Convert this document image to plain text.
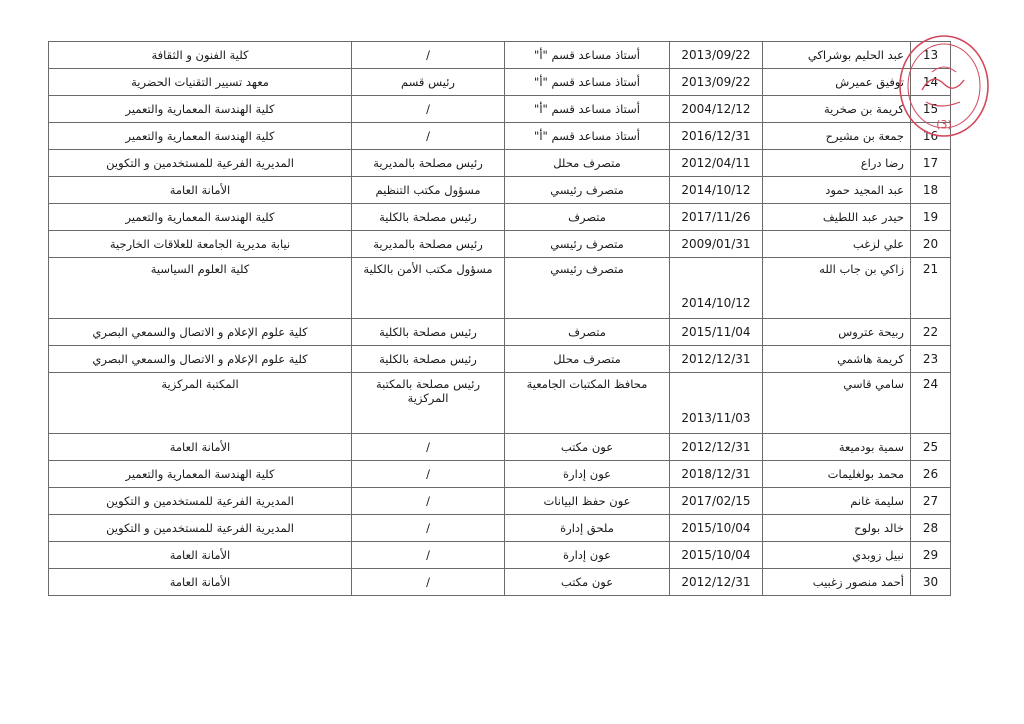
13	عبد الحليم بوشراكي	2013/09/22	أستاذ مساعد قسم "أ"	/	كلية الفنون و الثقافة
14	توفيق عميرش	2013/09/22	أستاذ مساعد قسم "أ"	رئيس قسم	معهد تسيير التقنيات الحضرية
15	كريمة بن صخرية	2004/12/12	أستاذ مساعد قسم "أ"	/	كلية الهندسة المعمارية والتعمير
16	جمعة بن مشيرح	2016/12/31	أستاذ مساعد قسم "أ"	/	كلية الهندسة المعمارية والتعمير
17	رضا دراع	2012/04/11	متصرف محلل	رئيس مصلحة بالمديرية	المديرية الفرعية للمستخدمين و التكوين
18	عبد المجيد حمود	2014/10/12	متصرف رئيسي	مسؤول مكتب التنظيم	الأمانة العامة
19	حيدر عبد اللطيف	2017/11/26	متصرف	رئيس مصلحة بالكلية	كلية الهندسة المعمارية والتعمير
20	علي لزغب	2009/01/31	متصرف رئيسي	رئيس مصلحة بالمديرية	نيابة مديرية الجامعة للعلاقات الخارجية
21	زاكي بن جاب الله	2014/10/12	متصرف رئيسي	مسؤول مكتب الأمن بالكلية	كلية العلوم السياسية
22	ربيحة عتروس	2015/11/04	متصرف	رئيس مصلحة بالكلية	كلية علوم الإعلام و الاتصال والسمعي البصري
23	كريمة هاشمي	2012/12/31	متصرف محلل	رئيس مصلحة بالكلية	كلية علوم الإعلام و الاتصال والسمعي البصري
24	سامي قاسي	2013/11/03	محافظ المكتبات الجامعية	رئيس مصلحة بالمكتبة المركزية	المكتبة المركزية
25	سمية بودميعة	2012/12/31	عون مكتب	/	الأمانة العامة
26	محمد بولغليمات	2018/12/31	عون إدارة	/	كلية الهندسة المعمارية والتعمير
27	سليمة غانم	2017/02/15	عون حفظ البيانات	/	المديرية الفرعية للمستخدمين و التكوين
28	خالد بولوح	2015/10/04	ملحق إدارة	/	المديرية الفرعية للمستخدمين و التكوين
29	نبيل زوبدي	2015/10/04	عون إدارة	/	الأمانة العامة
30	أحمد منصور زغبيب	2012/12/31	عون مكتب	/	الأمانة العامة
(3)
